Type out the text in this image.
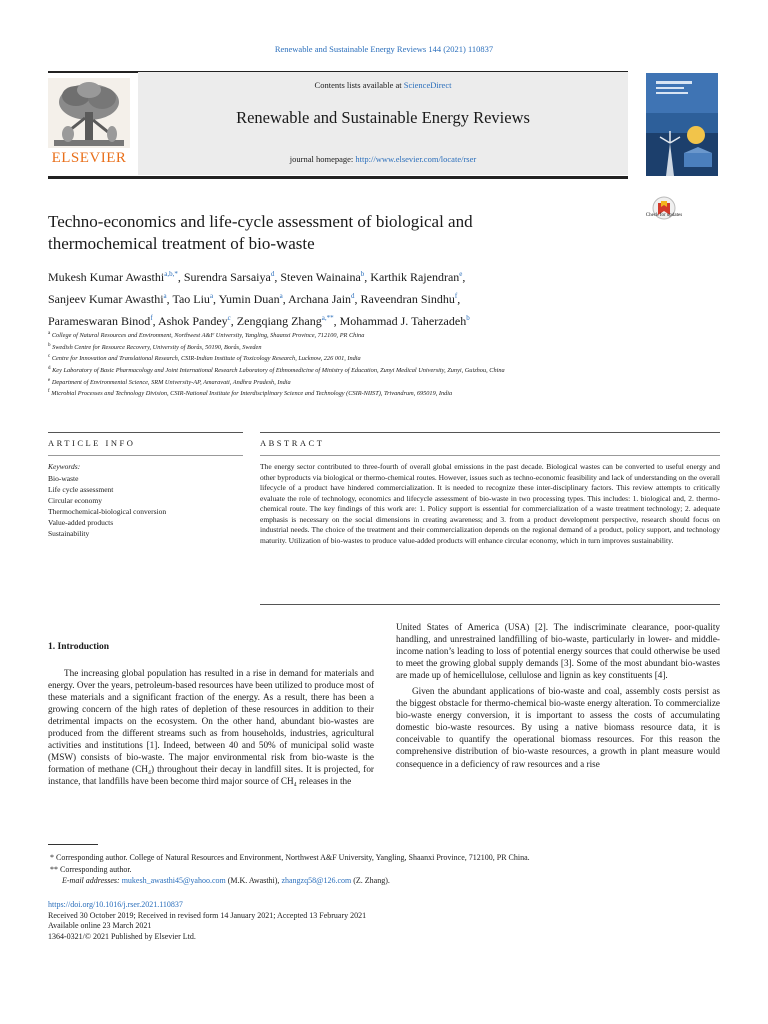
Renewable and Sustainable Energy Reviews 144 (2021) 110837
Contents lists available at ScienceDirect
Renewable and Sustainable Energy Reviews
journal homepage: http://www.elsevier.com/locate/rser
ELSEVIER
Check for updates
Techno-economics and life-cycle assessment of biological and
thermochemical treatment of bio-waste
Mukesh Kumar Awasthi$^{a,b,*}$, Surendra Sarsaiya$^d$, Steven Wainaina$^b$, Karthik Rajendran$^e$,
Sanjeev Kumar Awasthi$^a$, Tao Liu$^a$, Yumin Duan$^a$, Archana Jain$^d$, Raveendran Sindhu$^f$,
Parameswaran Binod$^f$, Ashok Pandey$^c$, Zengqiang Zhang$^{a,**}$, Mohammad J. Taherzadeh$^b$
$^a$ College of Natural Resources and Environment, Northwest A&F University, Yangling, Shaanxi Province, 712100, PR China
$^b$ Swedish Centre for Resource Recovery, University of Borås, 50190, Borås, Sweden
$^c$ Centre for Innovation and Translational Research, CSIR-Indian Institute of Toxicology Research, Lucknow, 226 001, India
$^d$ Key Laboratory of Basic Pharmacology and Joint International Research Laboratory of Ethnomedicine of Ministry of Education, Zunyi Medical University, Zunyi, Guizhou, China
$^e$ Department of Environmental Science, SRM University-AP, Amaravati, Andhra Pradesh, India
$^f$ Microbial Processes and Technology Division, CSIR-National Institute for Interdisciplinary Science and Technology (CSIR-NIIST), Trivandrum, 695019, India
ARTICLE INFO	ABSTRACT
Keywords:
Bio-waste
Life cycle assessment
Circular economy
Thermochemical-biological conversion
Value-added products
Sustainability
The energy sector contributed to three-fourth of overall global emissions in the past decade. Biological wastes can be converted to useful energy and other byproducts via biological or thermo-chemical routes. However, issues such as techno-economic feasibility and lack of understanding on the overall lifecycle of a product have hindered commercialization. It is needed to recognize these inter-disciplinary factors. This review attempts to critically evaluate the role of technology, economics and lifecycle assessment of bio-waste in two processing types. This includes: 1. biological and, 2. thermo-chemical route. The key findings of this work are: 1. Policy support is essential for commercialization of a waste treatment technology; 2. adequate emphasis is necessary on the social dimensions in creating awareness; and 3. from a product development perspective, research should focus on industrial needs. The choice of the treatment and their commercialization depends on the regional demand of a product, policy support, and technology maturity. Utilization of bio-wastes to produce value-added products will enhance circular economy, which in turn improves sustainability.
1. Introduction

The increasing global population has resulted in a rise in demand for materials and energy. Over the years, petroleum-based resources have been utilized to produce most of these materials and a significant fraction of the energy. As a result, there has been a growing concern of the high rates of depletion of these resources in addition to their detrimental impacts on the ecosystem. On the other hand, abundant bio-wastes are produced from the different streams such as from households, industries, agricultural activities and institutions [1]. Indeed, between 40 and 50% of municipal solid waste (MSW) consists of bio-waste. The major environmental risk from bio-waste is the formation of methane (CH₄) throughout their decay in landfill sites. It is projected, for instance, that landfills have been become third major source of CH₄ releases in the

United States of America (USA) [2]. The indiscriminate clearance, poor-quality handling, and unrestrained landfilling of bio-waste, particularly in lower- and middle-income nation’s leading to loss of potential energy sources that could otherwise be used to meet the growing global supply demands [3]. Some of the most abundant bio-wastes are made up of hemicellulose, cellulose and lignin as key constituents [4].

Given the abundant applications of bio-waste and coal, assembly costs persist as the biggest obstacle for thermo-chemical bio-waste energy alteration. To commercialize bio-waste energy conversion, it is important to assess the costs of accumulating domestic bio-waste resources. By using a native biomass resource data, it is conceivable to quantify the operational biomass resources. For this reason the comprehensive distribution of bio-waste resources, a growth in plant measure would consequence in a deficiency of raw resources and a rise

* Corresponding author. College of Natural Resources and Environment, Northwest A&F University, Yangling, Shaanxi Province, 712100, PR China.
** Corresponding author.
E-mail addresses: mukesh_awasthi45@yahoo.com (M.K. Awasthi), zhangzq58@126.com (Z. Zhang).
https://doi.org/10.1016/j.rser.2021.110837
Received 30 October 2019; Received in revised form 14 January 2021; Accepted 13 February 2021
Available online 23 March 2021
1364-0321/© 2021 Published by Elsevier Ltd.
